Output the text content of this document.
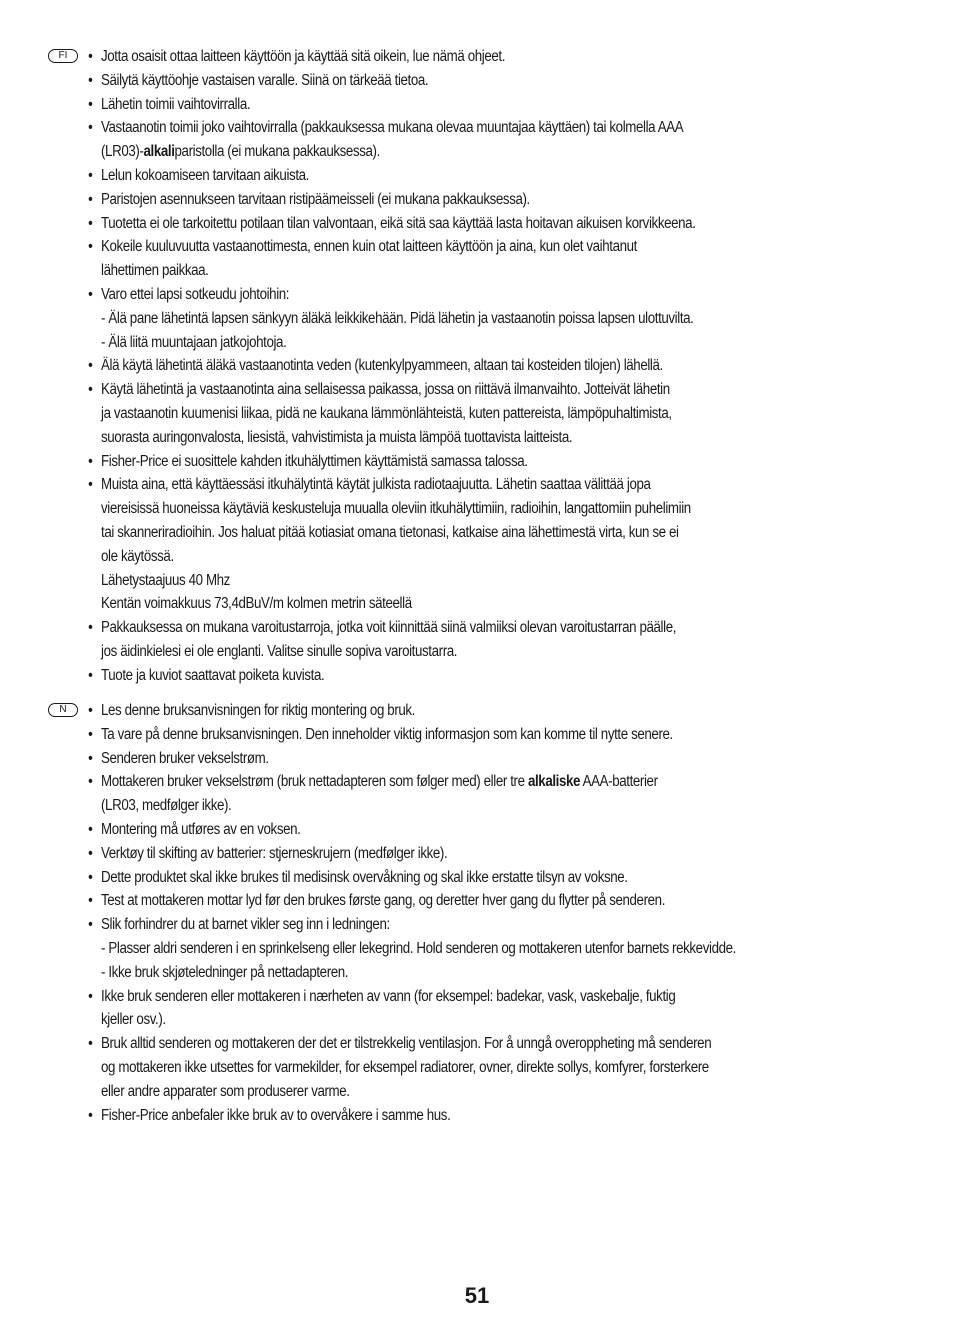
FI	• Jotta osaisit ottaa laitteen käyttöön ja käyttää sitä oikein, lue nämä ohjeet.
• Säilytä käyttöohje vastaisen varalle. Siinä on tärkeää tietoa.
• Lähetin toimii vaihtovirralla.
• Vastaanotin toimii joko vaihtovirralla (pakkauksessa mukana olevaa muuntajaa käyttäen) tai kolmella AAA
(LR03)-alkaliparistolla (ei mukana pakkauksessa).
• Lelun kokoamiseen tarvitaan aikuista.
• Paristojen asennukseen tarvitaan ristipäämeisseli (ei mukana pakkauksessa).
• Tuotetta ei ole tarkoitettu potilaan tilan valvontaan, eikä sitä saa käyttää lasta hoitavan aikuisen korvikkeena.
• Kokeile kuuluvuutta vastaanottimesta, ennen kuin otat laitteen käyttöön ja aina, kun olet vaihtanut
lähettimen paikkaa.
• Varo ettei lapsi sotkeudu johtoihin:
- Älä pane lähetintä lapsen sänkyyn äläkä leikkikehään. Pidä lähetin ja vastaanotin poissa lapsen ulottuvilta.
- Älä liitä muuntajaan jatkojohtoja.
• Älä käytä lähetintä äläkä vastaanotinta veden (kutenkylpyammeen, altaan tai kosteiden tilojen) lähellä.
• Käytä lähetintä ja vastaanotinta aina sellaisessa paikassa, jossa on riittävä ilmanvaihto. Jotteivät lähetin
ja vastaanotin kuumenisi liikaa, pidä ne kaukana lämmönlähteistä, kuten pattereista, lämpöpuhaltimista,
suorasta auringonvalosta, liesistä, vahvistimista ja muista lämpöä tuottavista laitteista.
• Fisher-Price ei suosittele kahden itkuhälyttimen käyttämistä samassa talossa.
• Muista aina, että käyttäessäsi itkuhälytintä käytät julkista radiotaajuutta. Lähetin saattaa välittää jopa
viereisissä huoneissa käytäviä keskusteluja muualla oleviin itkuhälyttimiin, radioihin, langattomiin puhelimiin
tai skanneriradioihin. Jos haluat pitää kotiasiat omana tietonasi, katkaise aina lähettimestä virta, kun se ei
ole käytössä.
Lähetystaajuus 40 Mhz
Kentän voimakkuus 73,4dBuV/m kolmen metrin säteellä
• Pakkauksessa on mukana varoitustarroja, jotka voit kiinnittää siinä valmiiksi olevan varoitustarran päälle,
jos äidinkielesi ei ole englanti. Valitse sinulle sopiva varoitustarra.
• Tuote ja kuviot saattavat poiketa kuvista.
N	• Les denne bruksanvisningen for riktig montering og bruk.
• Ta vare på denne bruksanvisningen. Den inneholder viktig informasjon som kan komme til nytte senere.
• Senderen bruker vekselstrøm.
• Mottakeren bruker vekselstrøm (bruk nettadapteren som følger med) eller tre alkaliske AAA-batterier
(LR03, medfølger ikke).
• Montering må utføres av en voksen.
• Verktøy til skifting av batterier: stjerneskrujern (medfølger ikke).
• Dette produktet skal ikke brukes til medisinsk overvåkning og skal ikke erstatte tilsyn av voksne.
• Test at mottakeren mottar lyd før den brukes første gang, og deretter hver gang du flytter på senderen.
• Slik forhindrer du at barnet vikler seg inn i ledningen:
- Plasser aldri senderen i en sprinkelseng eller lekegrind. Hold senderen og mottakeren utenfor barnets rekkevidde.
- Ikke bruk skjøteledninger på nettadapteren.
• Ikke bruk senderen eller mottakeren i nærheten av vann (for eksempel: badekar, vask, vaskebalje, fuktig
kjeller osv.).
• Bruk alltid senderen og mottakeren der det er tilstrekkelig ventilasjon. For å unngå overoppheting må senderen
og mottakeren ikke utsettes for varmekilder, for eksempel radiatorer, ovner, direkte sollys, komfyrer, forsterkere
eller andre apparater som produserer varme.
• Fisher-Price anbefaler ikke bruk av to overvåkere i samme hus.
51
